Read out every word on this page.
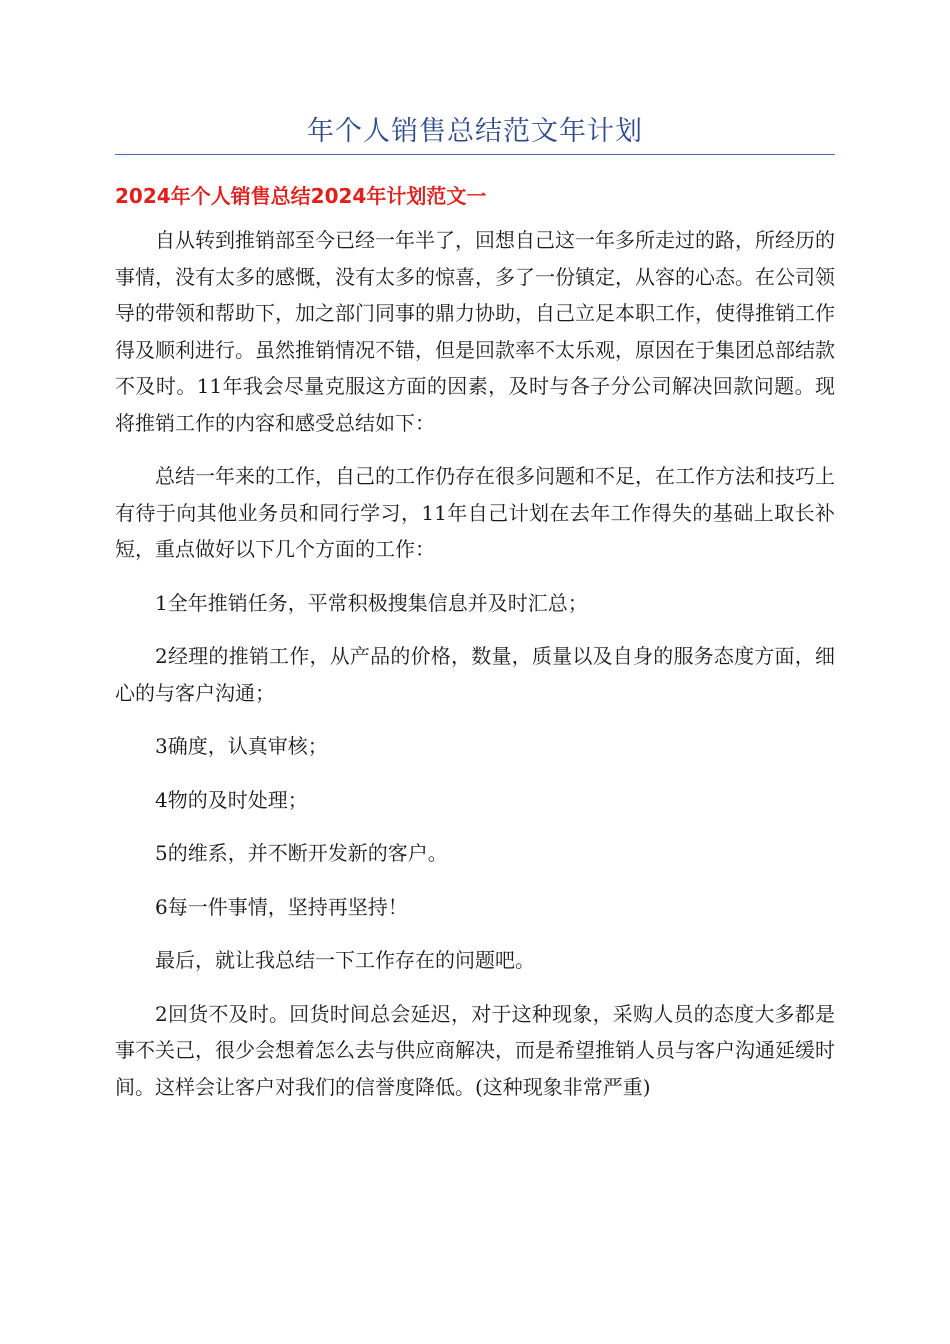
年个人销售总结范文年计划
2024年个人销售总结2024年计划范文一

自从转到推销部至今已经一年半了，回想自己这一年多所走过的路，所经历的事情，没有太多的感慨，没有太多的惊喜，多了一份镇定，从容的心态。在公司领导的带领和帮助下，加之部门同事的鼎力协助，自己立足本职工作，使得推销工作得及顺利进行。虽然推销情况不错，但是回款率不太乐观，原因在于集团总部结款不及时。11年我会尽量克服这方面的因素，及时与各子分公司解决回款问题。现将推销工作的内容和感受总结如下：

总结一年来的工作，自己的工作仍存在很多问题和不足，在工作方法和技巧上有待于向其他业务员和同行学习，11年自己计划在去年工作得失的基础上取长补短，重点做好以下几个方面的工作：

1全年推销任务，平常积极搜集信息并及时汇总；

2经理的推销工作，从产品的价格，数量，质量以及自身的服务态度方面，细心的与客户沟通；

3确度，认真审核；

4物的及时处理；

5的维系，并不断开发新的客户。

6每一件事情，坚持再坚持！

最后，就让我总结一下工作存在的问题吧。

2回货不及时。回货时间总会延迟，对于这种现象，采购人员的态度大多都是事不关己，很少会想着怎么去与供应商解决，而是希望推销人员与客户沟通延缓时间。这样会让客户对我们的信誉度降低。(这种现象非常严重)
